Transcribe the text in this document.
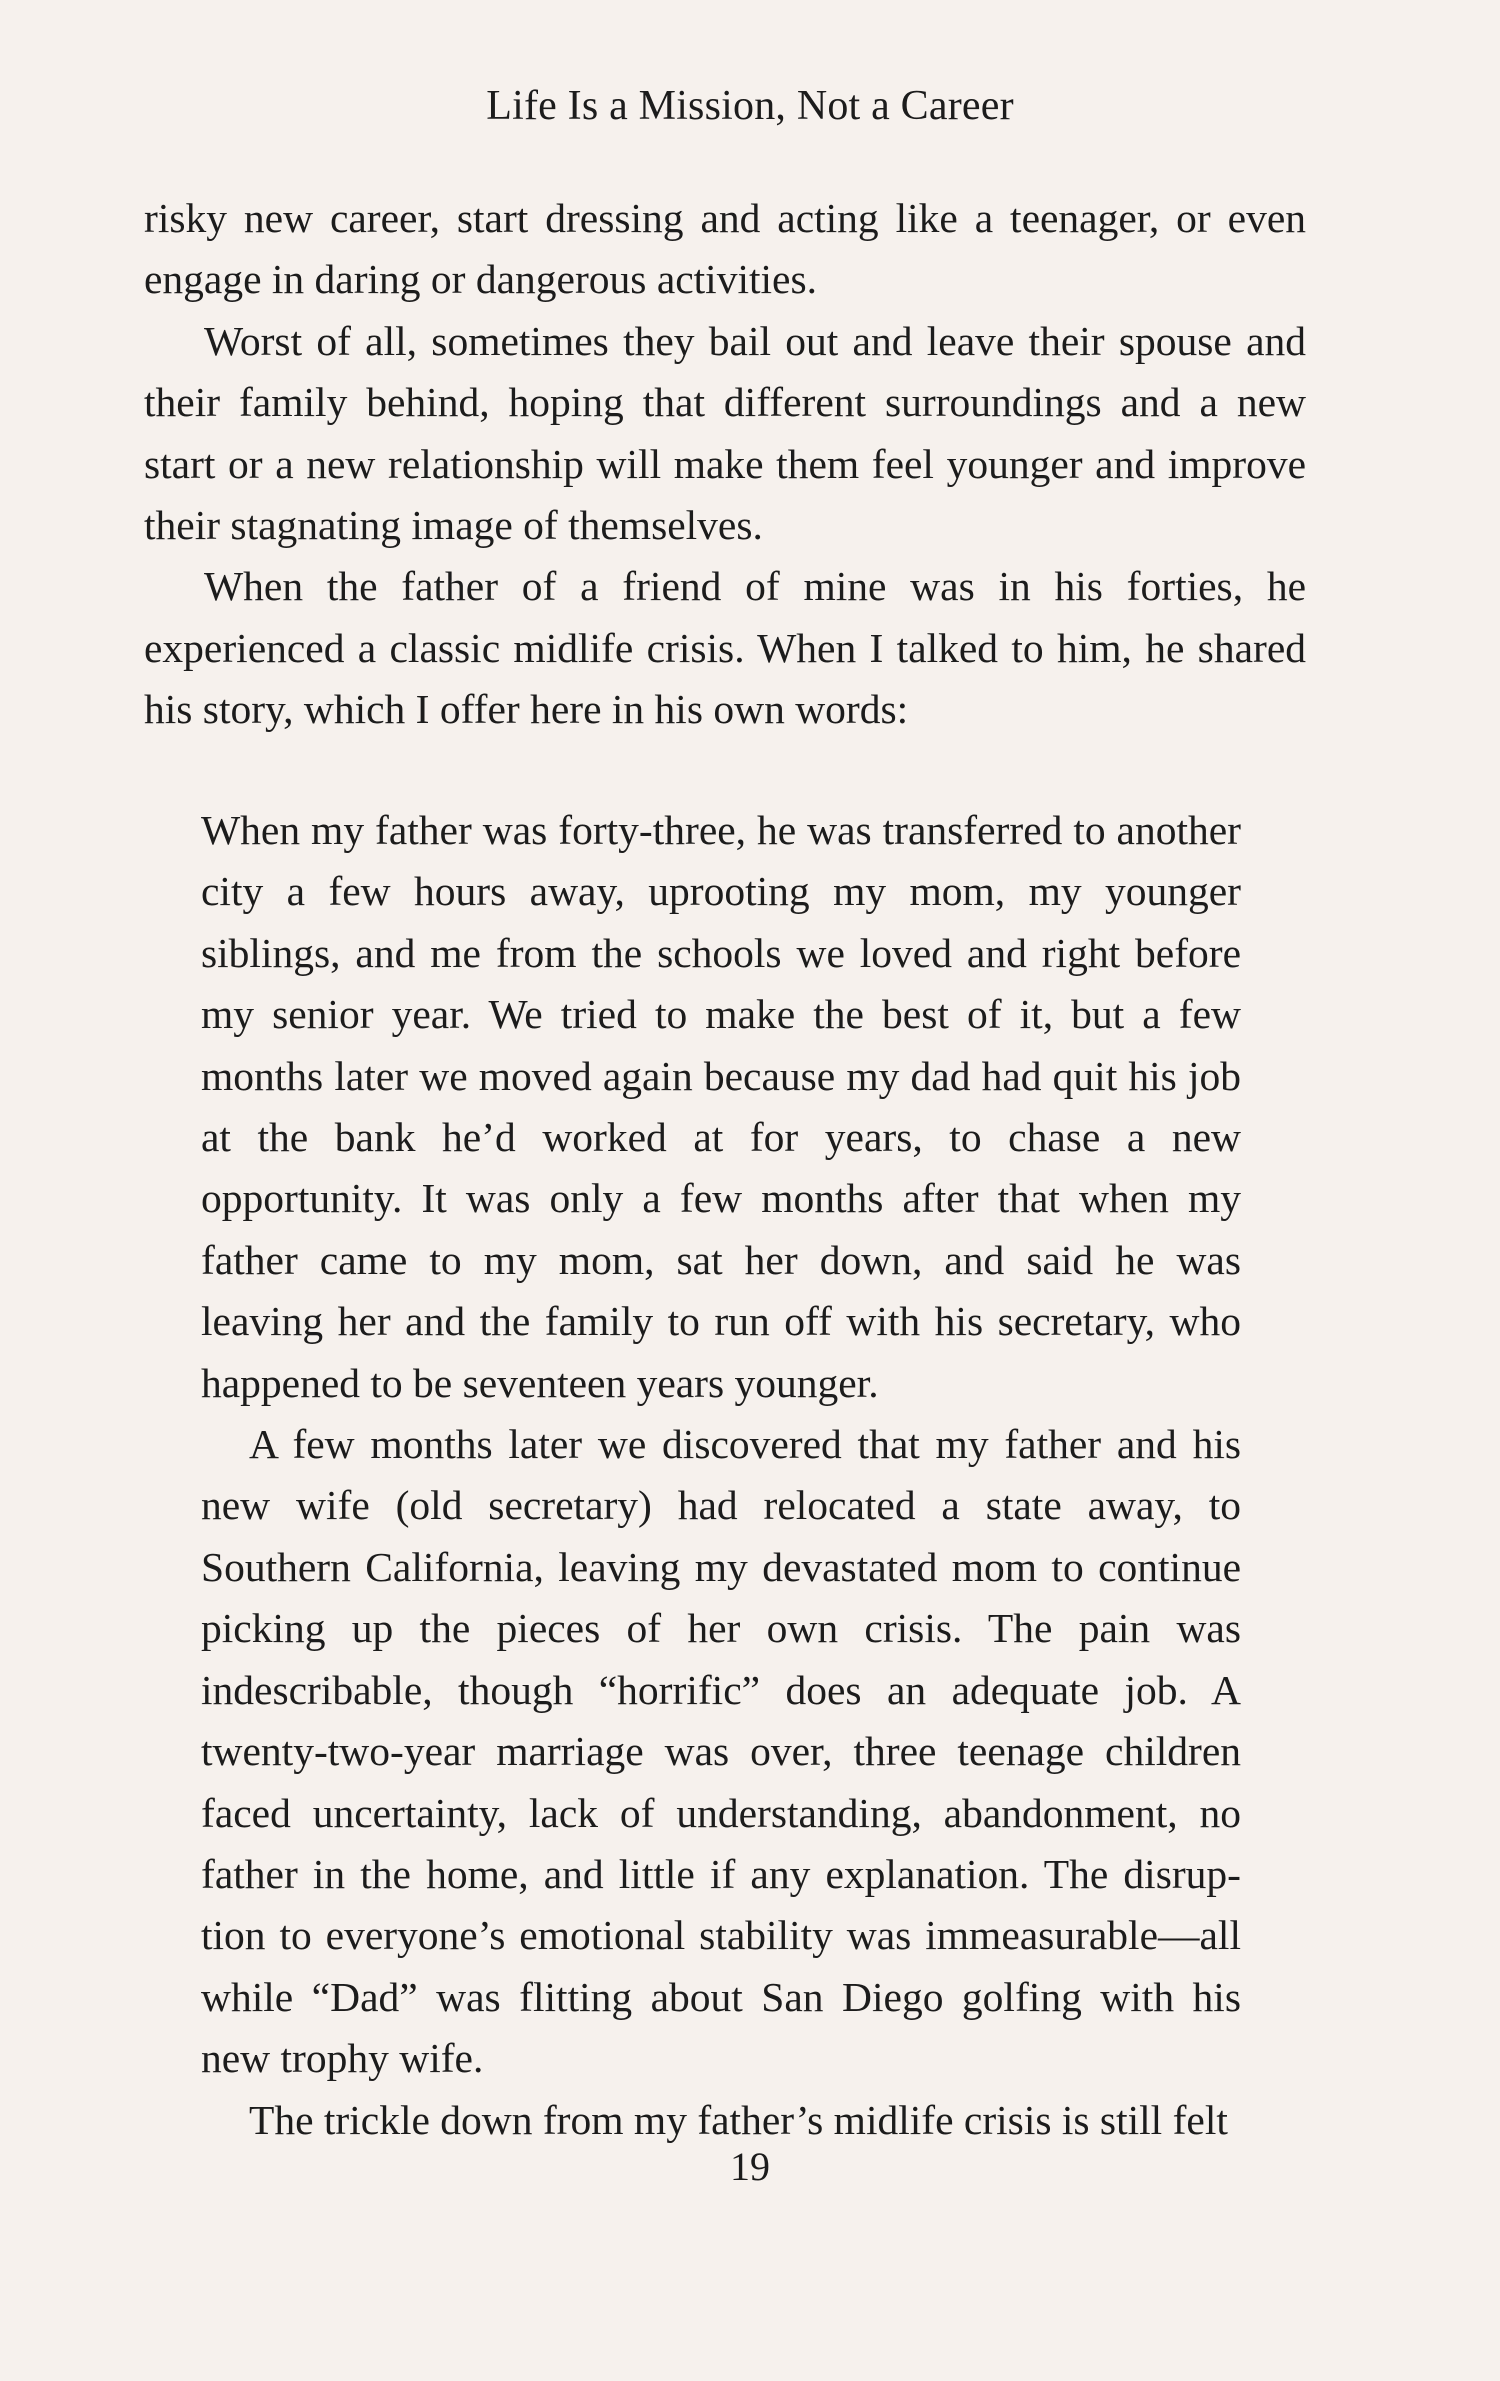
Life Is a Mission, Not a Career

risky new career, start dressing and acting like a teenager, or even engage in daring or dangerous activities.

Worst of all, sometimes they bail out and leave their spouse and their family behind, hoping that different surroundings and a new start or a new relationship will make them feel younger and improve their stagnating image of themselves.

When the father of a friend of mine was in his forties, he experienced a classic midlife crisis. When I talked to him, he shared his story, which I offer here in his own words:

When my father was forty-three, he was transferred to another city a few hours away, uprooting my mom, my younger siblings, and me from the schools we loved and right before my senior year. We tried to make the best of it, but a few months later we moved again because my dad had quit his job at the bank he’d worked at for years, to chase a new opportunity. It was only a few months after that when my father came to my mom, sat her down, and said he was leaving her and the family to run off with his secretary, who happened to be seventeen years younger.

A few months later we discovered that my father and his new wife (old secretary) had relocated a state away, to Southern California, leaving my devastated mom to continue picking up the pieces of her own crisis. The pain was indescribable, though “horrific” does an adequate job. A twenty-two-year marriage was over, three teenage children faced uncertainty, lack of understanding, abandonment, no father in the home, and little if any explanation. The disruption to everyone’s emotional stability was immeasurable—all while “Dad” was flitting about San Diego golfing with his new trophy wife.

The trickle down from my father’s midlife crisis is still felt

19
